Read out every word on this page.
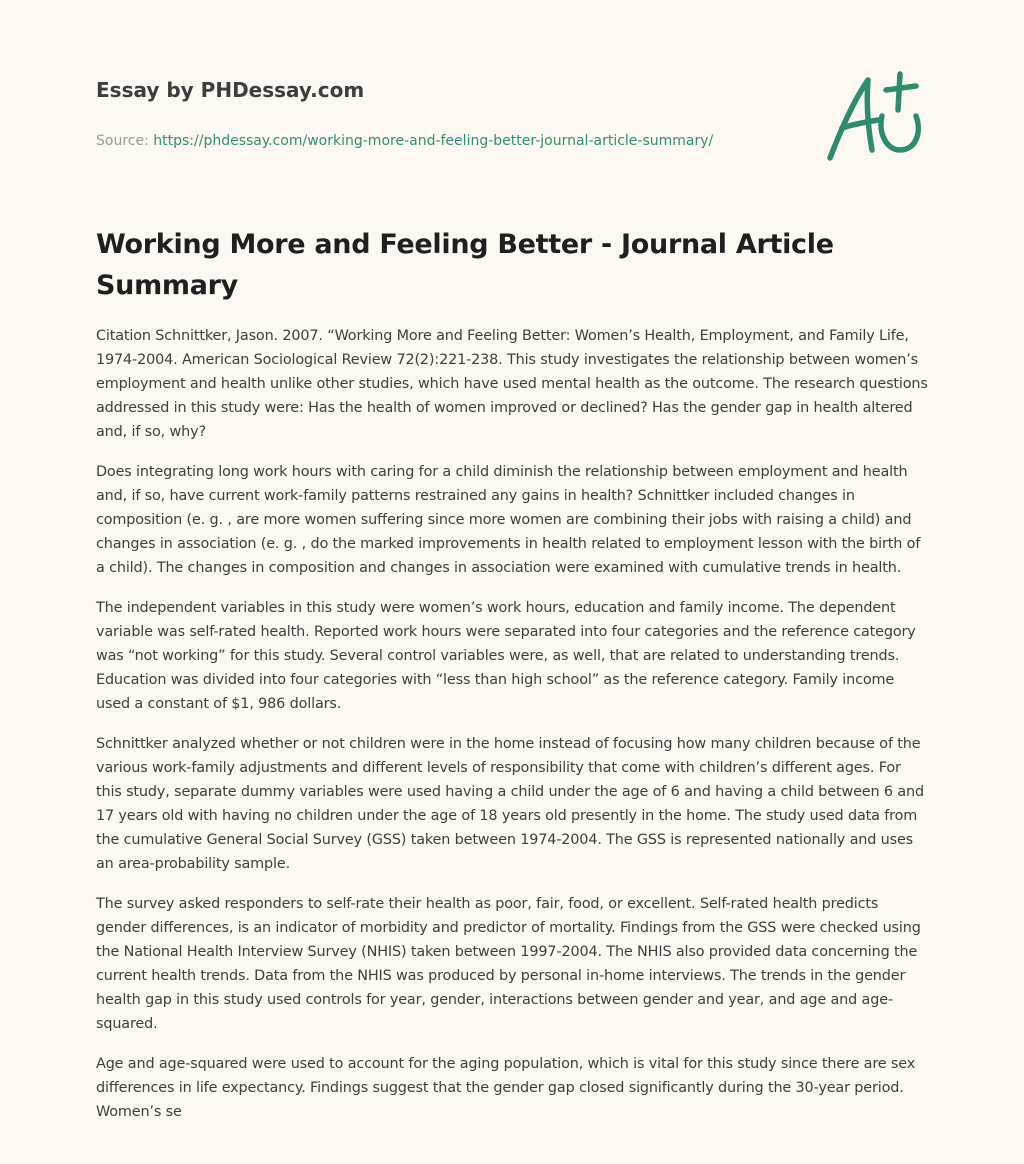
Essay by PHDessay.com
Source: https://phdessay.com/working-more-and-feeling-better-journal-article-summary/
Working More and Feeling Better - Journal Article Summary

Citation Schnittker, Jason. 2007. “Working More and Feeling Better: Women’s Health, Employment, and Family Life, 1974-2004. American Sociological Review 72(2):221-238. This study investigates the relationship between women’s employment and health unlike other studies, which have used mental health as the outcome. The research questions addressed in this study were: Has the health of women improved or declined? Has the gender gap in health altered and, if so, why?

Does integrating long work hours with caring for a child diminish the relationship between employment and health and, if so, have current work-family patterns restrained any gains in health? Schnittker included changes in composition (e. g. , are more women suffering since more women are combining their jobs with raising a child) and changes in association (e. g. , do the marked improvements in health related to employment lesson with the birth of a child). The changes in composition and changes in association were examined with cumulative trends in health.

The independent variables in this study were women’s work hours, education and family income. The dependent variable was self-rated health. Reported work hours were separated into four categories and the reference category was “not working” for this study. Several control variables were, as well, that are related to understanding trends. Education was divided into four categories with “less than high school” as the reference category. Family income used a constant of $1, 986 dollars.

Schnittker analyzed whether or not children were in the home instead of focusing how many children because of the various work-family adjustments and different levels of responsibility that come with children’s different ages. For this study, separate dummy variables were used having a child under the age of 6 and having a child between 6 and 17 years old with having no children under the age of 18 years old presently in the home. The study used data from the cumulative General Social Survey (GSS) taken between 1974-2004. The GSS is represented nationally and uses an area-probability sample.

The survey asked responders to self-rate their health as poor, fair, food, or excellent. Self-rated health predicts gender differences, is an indicator of morbidity and predictor of mortality. Findings from the GSS were checked using the National Health Interview Survey (NHIS) taken between 1997-2004. The NHIS also provided data concerning the current health trends. Data from the NHIS was produced by personal in-home interviews. The trends in the gender health gap in this study used controls for year, gender, interactions between gender and year, and age and age-squared.

Age and age-squared were used to account for the aging population, which is vital for this study since there are sex differences in life expectancy. Findings suggest that the gender gap closed significantly during the 30-year period. Women’s se
